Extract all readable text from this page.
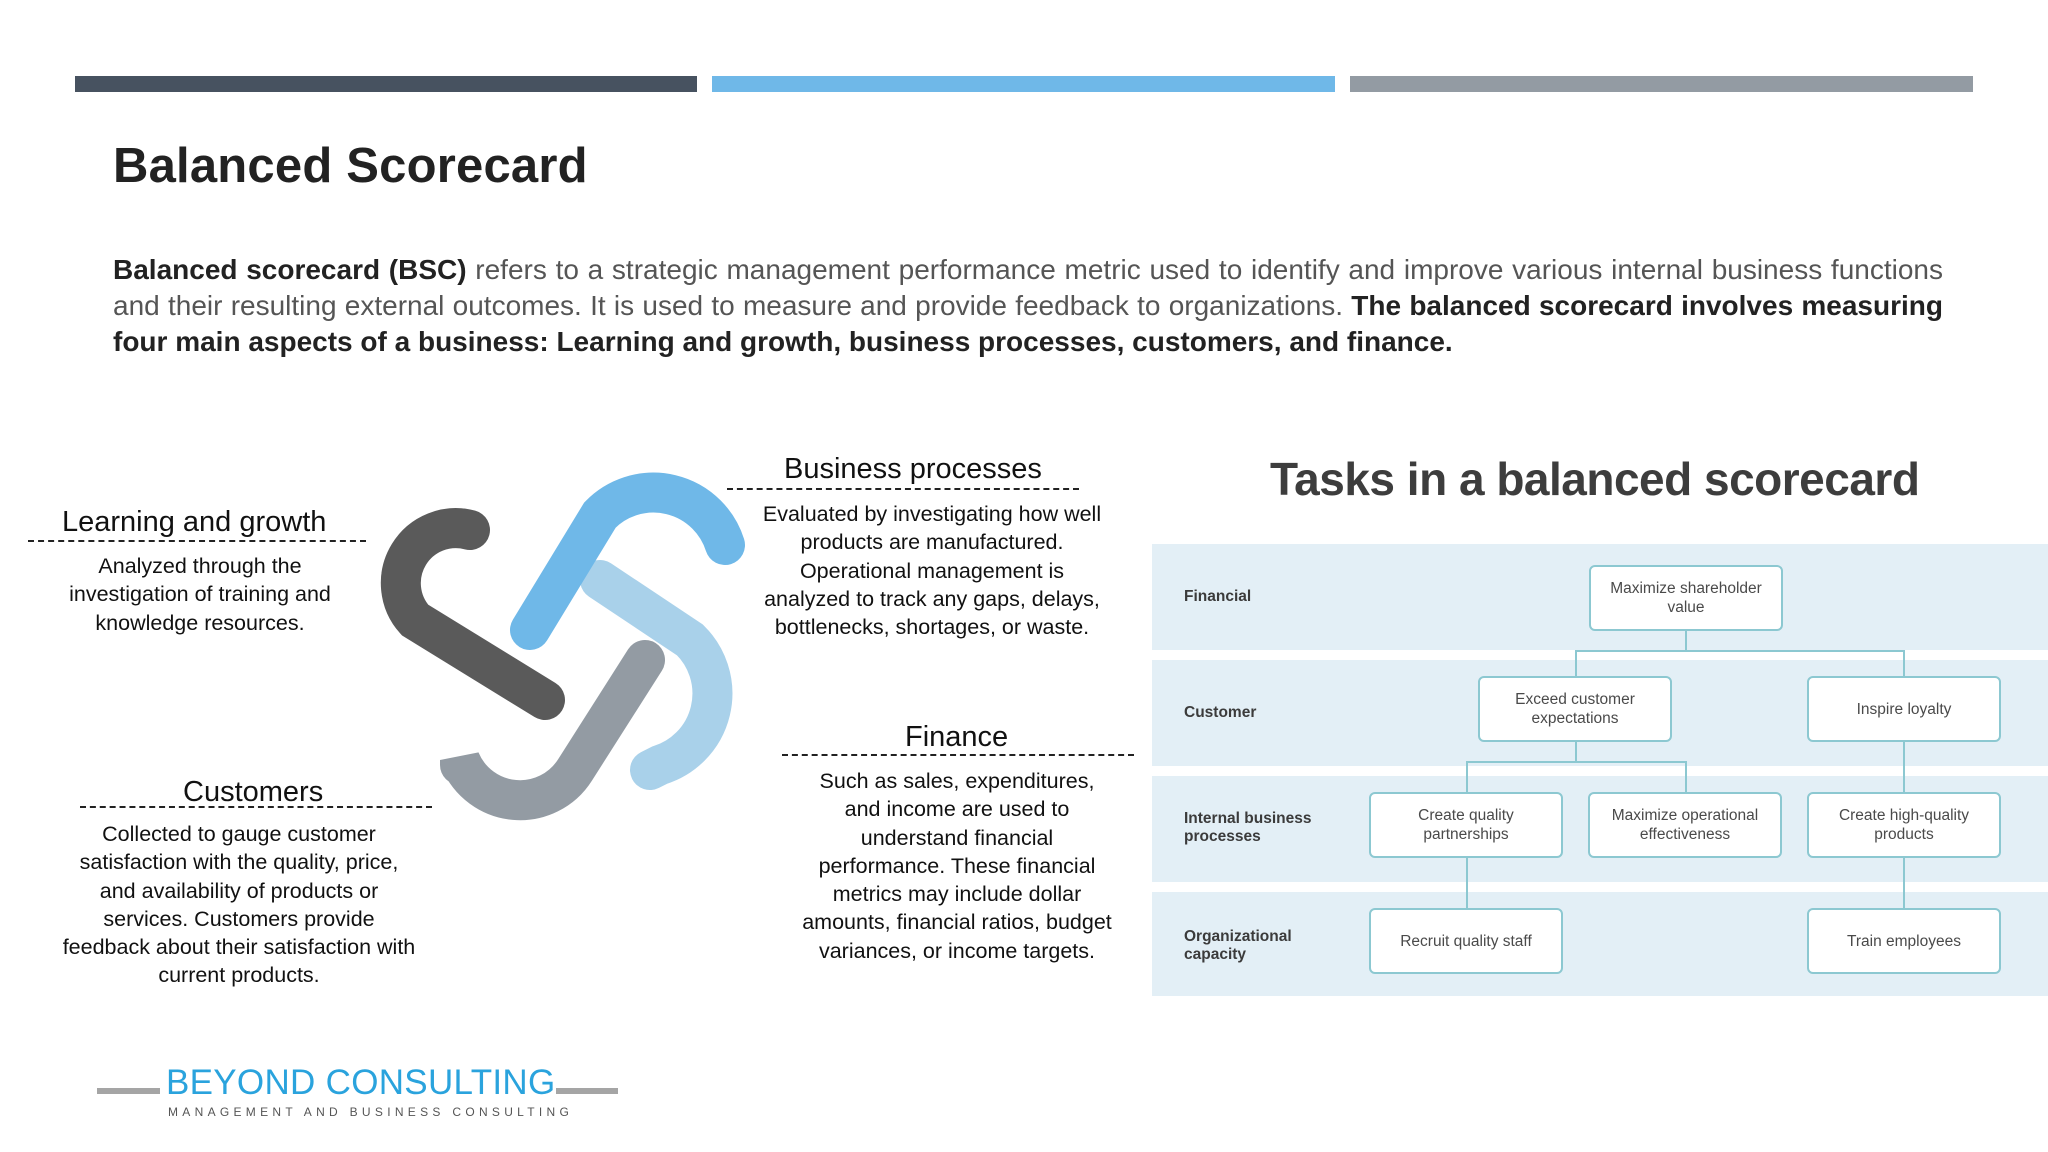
Balanced Scorecard
Balanced scorecard (BSC) refers to a strategic management performance metric used to identify and improve various internal business functions and their resulting external outcomes. It is used to measure and provide feedback to organizations. The balanced scorecard involves measuring four main aspects of a business: Learning and growth, business processes, customers, and finance.
Learning and growth
Analyzed through the investigation of training and knowledge resources.
Business processes
Evaluated by investigating how well products are manufactured. Operational management is analyzed to track any gaps, delays, bottlenecks, shortages, or waste.
Customers
Collected to gauge customer satisfaction with the quality, price, and availability of products or services. Customers provide feedback about their satisfaction with current products.
Finance
Such as sales, expenditures, and income are used to understand financial performance. These financial metrics may include dollar amounts, financial ratios, budget variances, or income targets.
Tasks in a balanced scorecard
Financial
Customer
Internal business processes
Organizational capacity
Maximize shareholder value
Exceed customer expectations
Inspire loyalty
Create quality partnerships
Maximize operational effectiveness
Create high-quality products
Recruit quality staff	Train employees
BEYOND CONSULTING
MANAGEMENT AND BUSINESS CONSULTING
